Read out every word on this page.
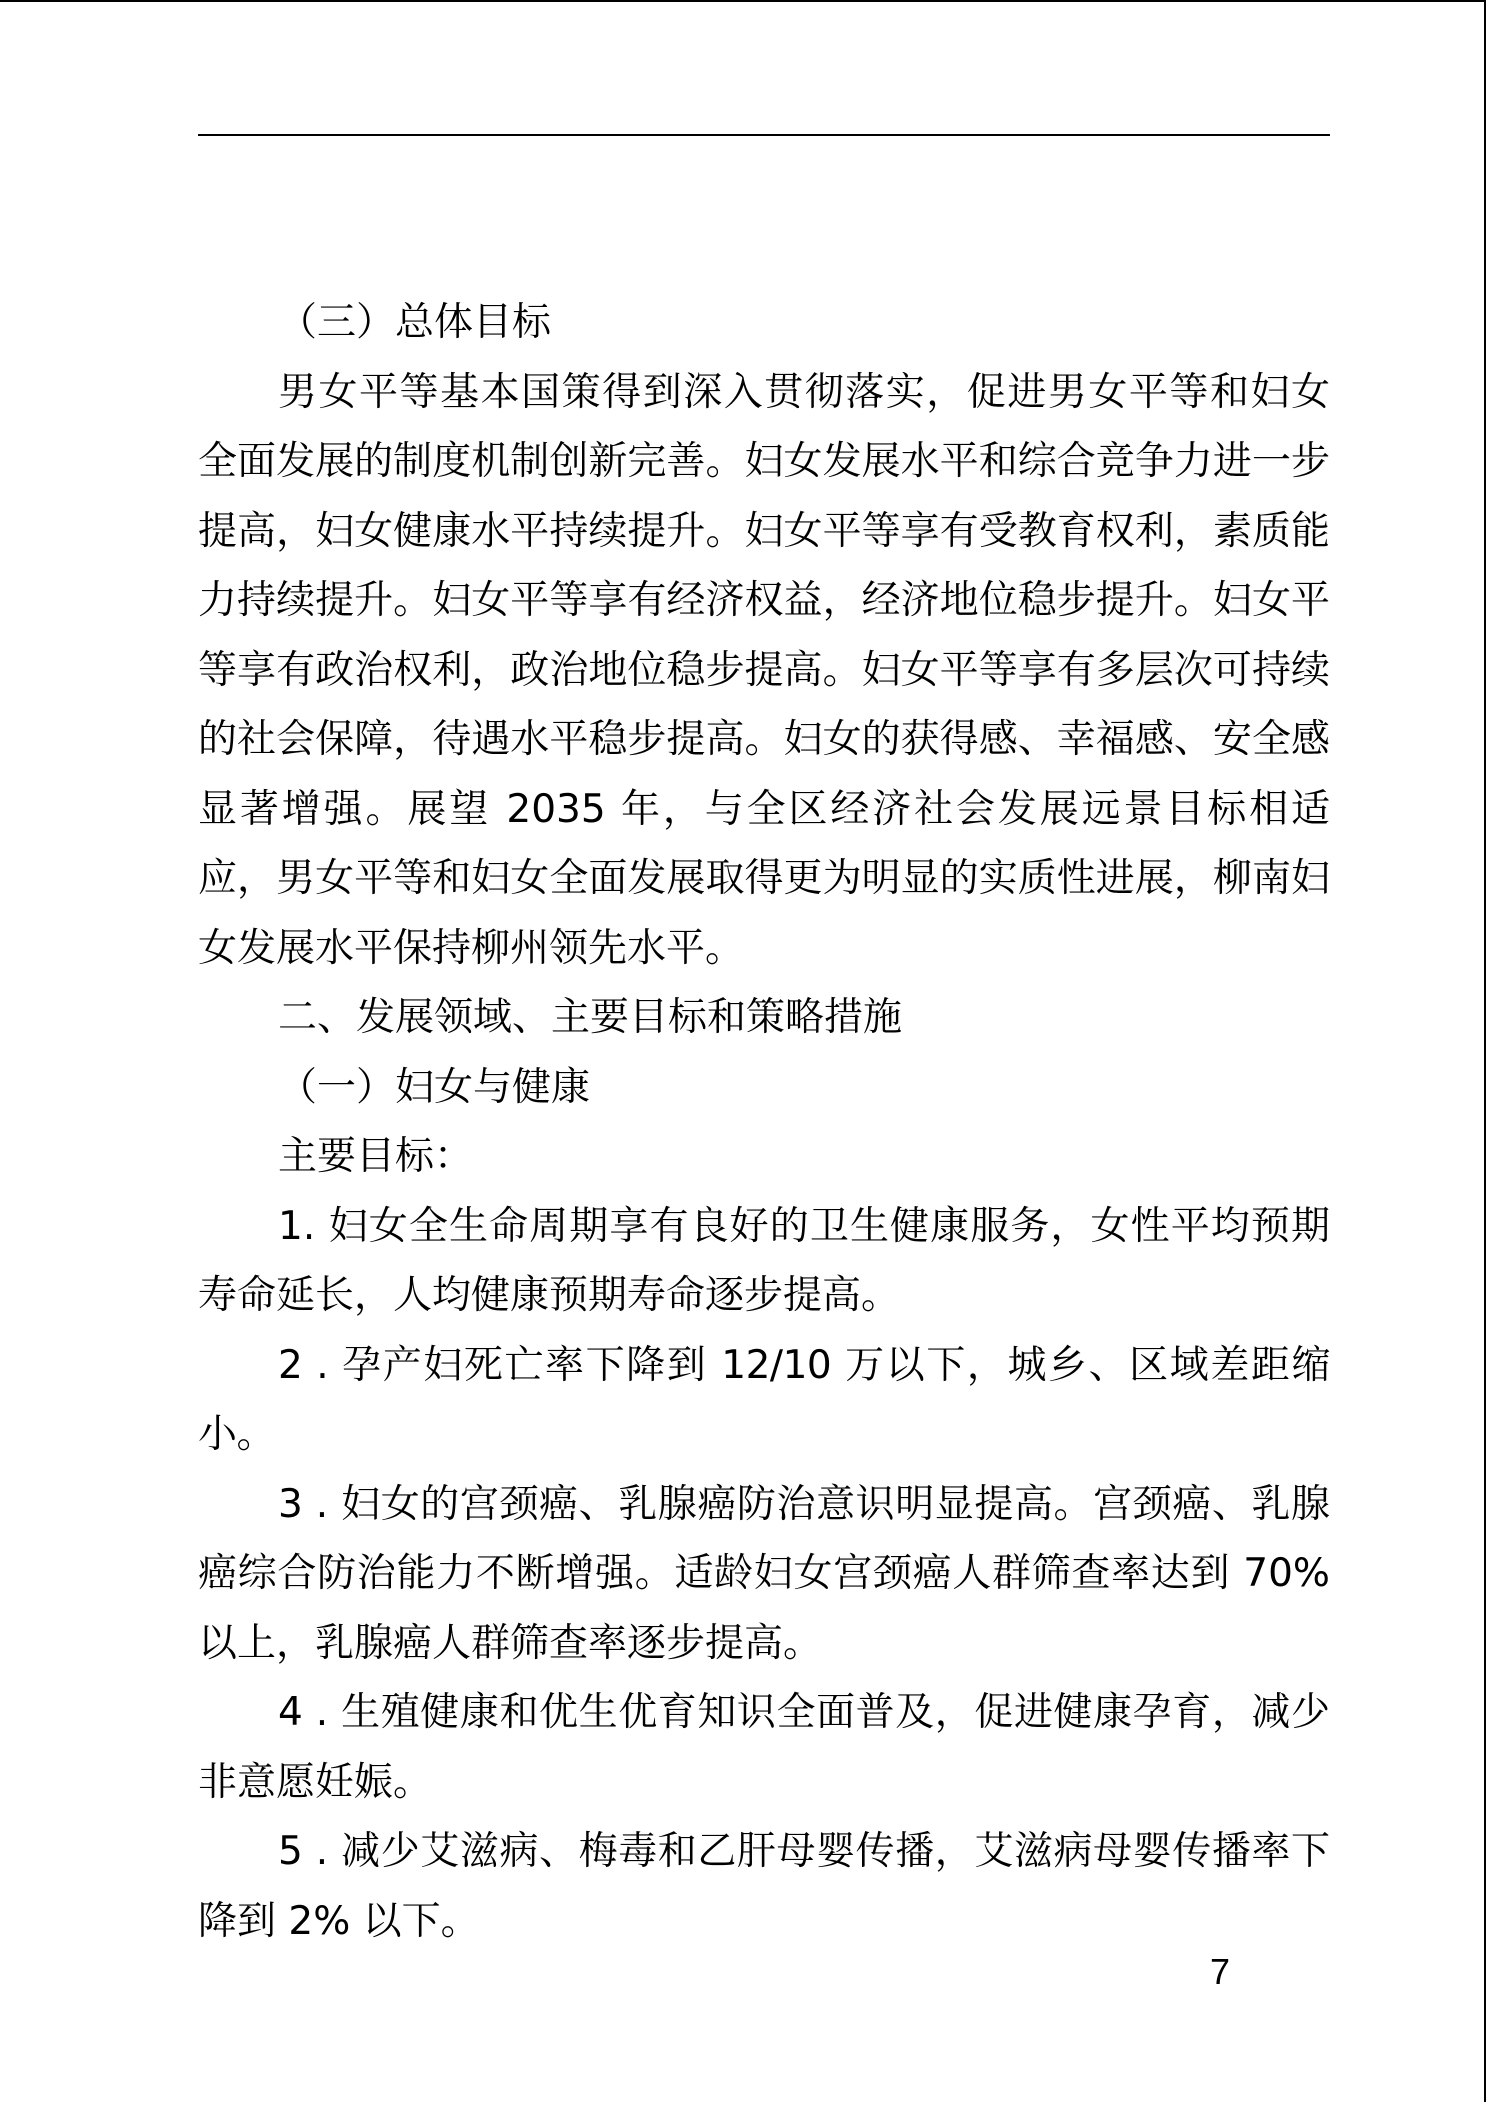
（三）总体目标

男女平等基本国策得到深入贯彻落实，促进男女平等和妇女全面发展的制度机制创新完善。妇女发展水平和综合竞争力进一步提高，妇女健康水平持续提升。妇女平等享有受教育权利，素质能力持续提升。妇女平等享有经济权益，经济地位稳步提升。妇女平等享有政治权利，政治地位稳步提高。妇女平等享有多层次可持续的社会保障，待遇水平稳步提高。妇女的获得感、幸福感、安全感显著增强。展望 2035 年，与全区经济社会发展远景目标相适应，男女平等和妇女全面发展取得更为明显的实质性进展，柳南妇女发展水平保持柳州领先水平。

二、发展领域、主要目标和策略措施

（一）妇女与健康

主要目标：

1. 妇女全生命周期享有良好的卫生健康服务，女性平均预期寿命延长，人均健康预期寿命逐步提高。

2 . 孕产妇死亡率下降到 12/10 万以下，城乡、区域差距缩小。

3 . 妇女的宫颈癌、乳腺癌防治意识明显提高。宫颈癌、乳腺癌综合防治能力不断增强。适龄妇女宫颈癌人群筛查率达到 70% 以上，乳腺癌人群筛查率逐步提高。

4 . 生殖健康和优生优育知识全面普及，促进健康孕育，减少非意愿妊娠。

5 . 减少艾滋病、梅毒和乙肝母婴传播，艾滋病母婴传播率下降到 2% 以下。

7
